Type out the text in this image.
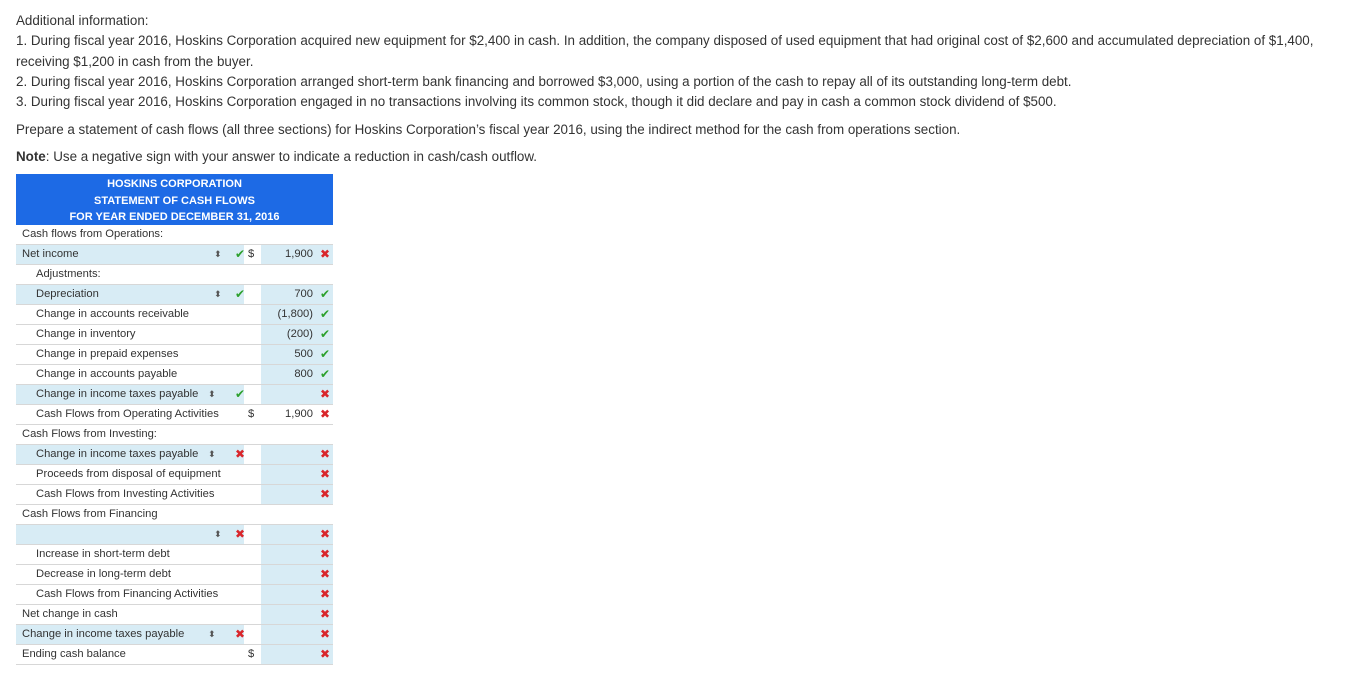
Additional information:

1. During fiscal year 2016, Hoskins Corporation acquired new equipment for $2,400 in cash. In addition, the company disposed of used equipment that had original cost of $2,600 and accumulated depreciation of $1,400, receiving $1,200 in cash from the buyer.

2. During fiscal year 2016, Hoskins Corporation arranged short-term bank financing and borrowed $3,000, using a portion of the cash to repay all of its outstanding long-term debt.

3. During fiscal year 2016, Hoskins Corporation engaged in no transactions involving its common stock, though it did declare and pay in cash a common stock dividend of $500.

Prepare a statement of cash flows (all three sections) for Hoskins Corporation’s fiscal year 2016, using the indirect method for the cash from operations section.
Note: Use a negative sign with your answer to indicate a reduction in cash/cash outflow.
HOSKINS CORPORATION
STATEMENT OF CASH FLOWS
FOR YEAR ENDED DECEMBER 31, 2016
Cash flows from Operations:
Net income	⬍ ✔ $	1,900 ✖
Adjustments:
Depreciation	⬍ ✔	700 ✔
Change in accounts receivable	(1,800) ✔
Change in inventory	(200) ✔
Change in prepaid expenses	500 ✔
Change in accounts payable	800 ✔
Change in income taxes payable ⬍ ✔	✖
Cash Flows from Operating Activities	$	1,900 ✖
Cash Flows from Investing:
Change in income taxes payable ⬍ ✖	✖
Proceeds from disposal of equipment	✖
Cash Flows from Investing Activities	✖
Cash Flows from Financing
⬍ ✖	✖
Increase in short-term debt	✖
Decrease in long-term debt	✖
Cash Flows from Financing Activities	✖
Net change in cash	✖
Change in income taxes payable	⬍ ✖	✖
Ending cash balance	$	✖
